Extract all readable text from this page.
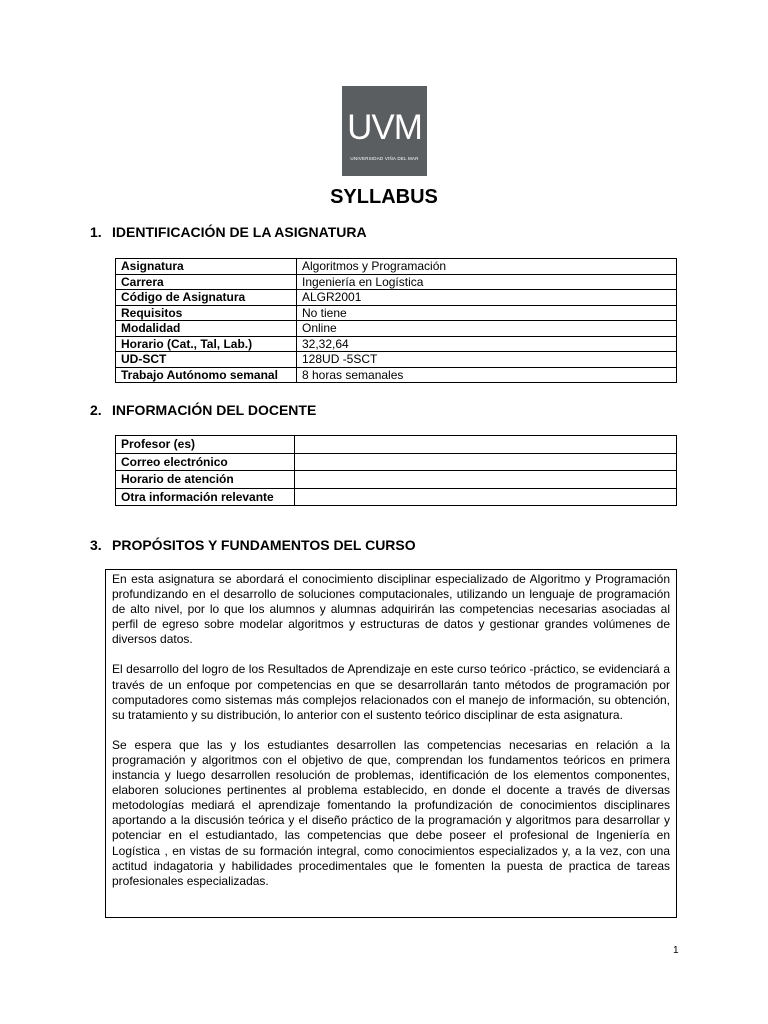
UVM
UNIVERSIDAD VIÑA DEL MAR
SYLLABUS
1. IDENTIFICACIÓN DE LA ASIGNATURA
Asignatura	Algoritmos y Programación
Carrera	Ingeniería en Logística
Código de Asignatura	ALGR2001
Requisitos	No tiene
Modalidad	Online
Horario (Cat., Tal, Lab.)	32,32,64
UD-SCT	128UD -5SCT
Trabajo Autónomo semanal	8 horas semanales
2. INFORMACIÓN DEL DOCENTE
Profesor (es)	
Correo electrónico	
Horario de atención	
Otra información relevante	
3. PROPÓSITOS Y FUNDAMENTOS DEL CURSO

En esta asignatura se abordará el conocimiento disciplinar especializado de Algoritmo y Programación profundizando en el desarrollo de soluciones computacionales, utilizando un lenguaje de programación de alto nivel, por lo que los alumnos y alumnas adquirirán las competencias necesarias asociadas al perfil de egreso sobre modelar algoritmos y estructuras de datos y gestionar grandes volúmenes de diversos datos.

El desarrollo del logro de los Resultados de Aprendizaje en este curso teórico -práctico, se evidenciará a través de un enfoque por competencias en que se desarrollarán tanto métodos de programación por computadores como sistemas más complejos relacionados con el manejo de información, su obtención, su tratamiento y su distribución, lo anterior con el sustento teórico disciplinar de esta asignatura.

Se espera que las y los estudiantes desarrollen las competencias necesarias en relación a la programación y algoritmos con el objetivo de que, comprendan los fundamentos teóricos en primera instancia y luego desarrollen resolución de problemas, identificación de los elementos componentes, elaboren soluciones pertinentes al problema establecido, en donde el docente a través de diversas metodologías mediará el aprendizaje fomentando la profundización de conocimientos disciplinares aportando a la discusión teórica y el diseño práctico de la programación y algoritmos para desarrollar y potenciar en el estudiantado, las competencias que debe poseer el profesional de Ingeniería en Logística , en vistas de su formación integral, como conocimientos especializados y, a la vez, con una actitud indagatoria y habilidades procedimentales que le fomenten la puesta de practica de tareas profesionales especializadas.

1
